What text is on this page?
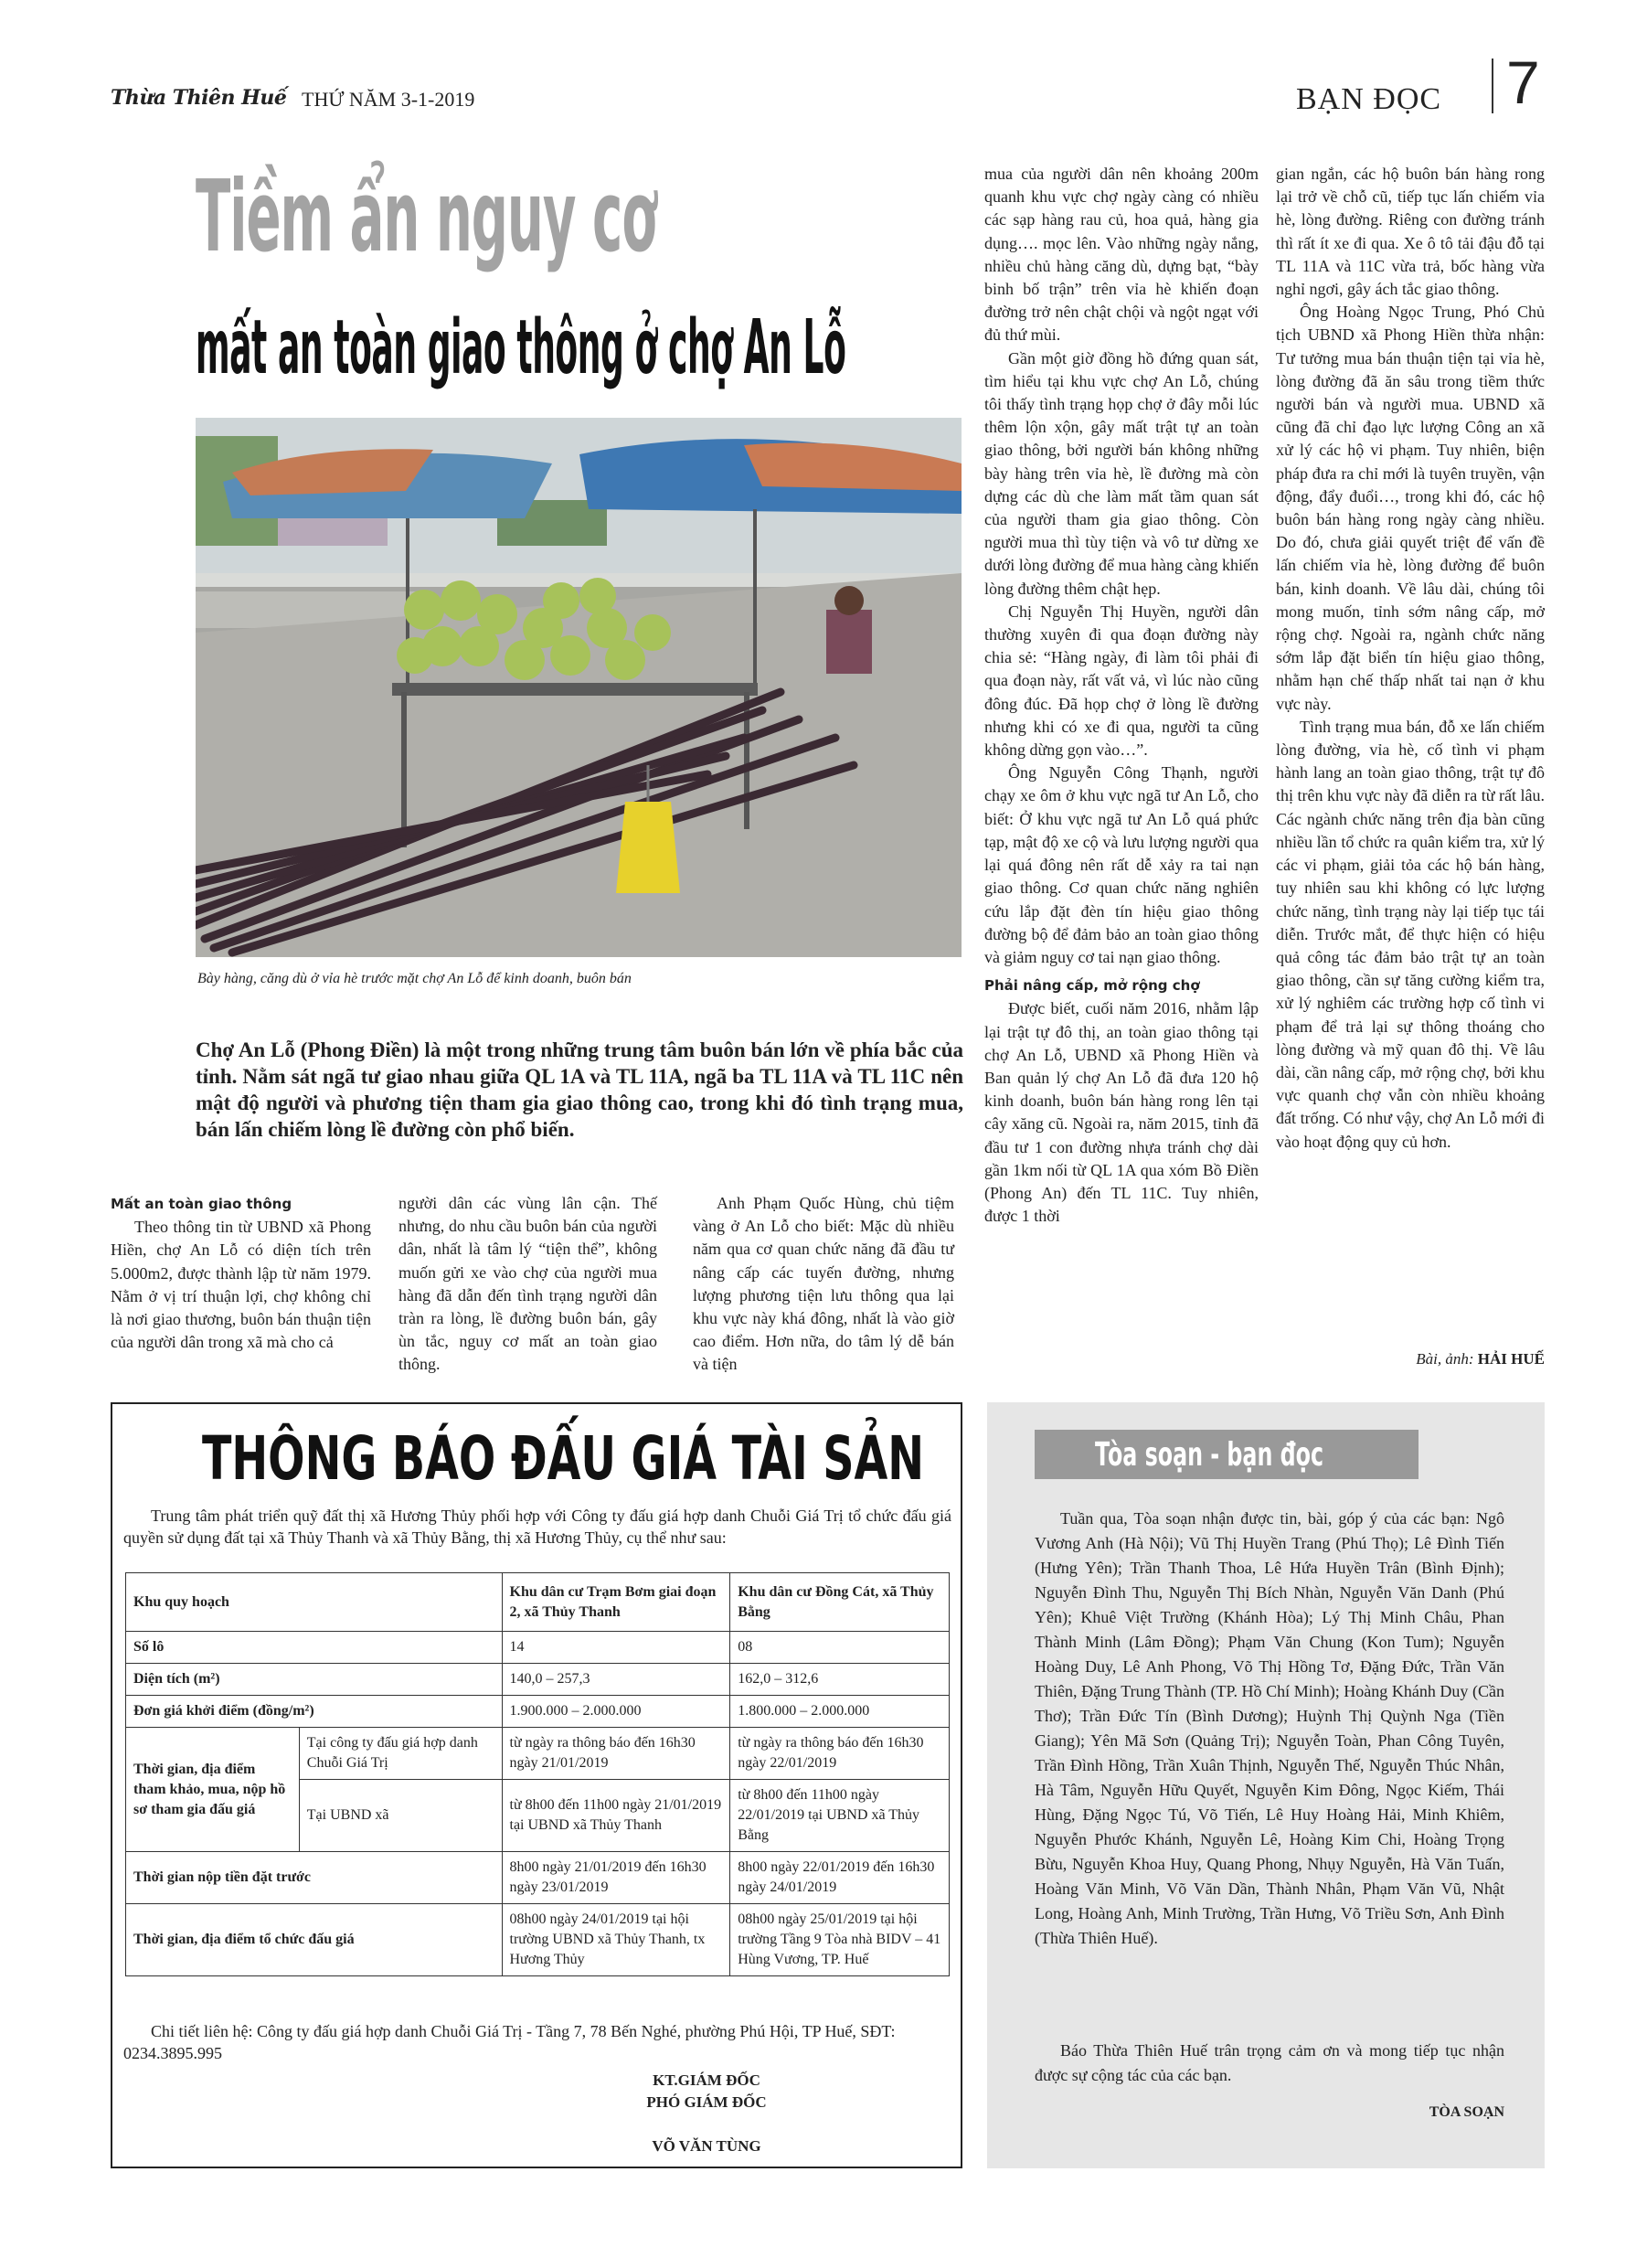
Thừa Thiên Huế THỨ NĂM 3-1-2019	BẠN ĐỌC 7
Tiềm ẩn nguy cơ
mất an toàn giao thông ở chợ An Lỗ
Bày hàng, căng dù ở vỉa hè trước mặt chợ An Lỗ để kinh doanh, buôn bán
Chợ An Lỗ (Phong Điền) là một trong những trung tâm buôn bán lớn về phía bắc của tỉnh. Nằm sát ngã tư giao nhau giữa QL 1A và TL 11A, ngã ba TL 11A và TL 11C nên mật độ người và phương tiện tham gia giao thông cao, trong khi đó tình trạng mua, bán lấn chiếm lòng lề đường còn phổ biến.
Mất an toàn giao thông

Theo thông tin từ UBND xã Phong Hiền, chợ An Lỗ có diện tích trên 5.000m2, được thành lập từ năm 1979. Nằm ở vị trí thuận lợi, chợ không chỉ là nơi giao thương, buôn bán thuận tiện của người dân trong xã mà cho cả

người dân các vùng lân cận. Thế nhưng, do nhu cầu buôn bán của người dân, nhất là tâm lý “tiện thể”, không muốn gửi xe vào chợ của người mua hàng đã dẫn đến tình trạng người dân tràn ra lòng, lề đường buôn bán, gây ùn tắc, nguy cơ mất an toàn giao thông.

Anh Phạm Quốc Hùng, chủ tiệm vàng ở An Lỗ cho biết: Mặc dù nhiều năm qua cơ quan chức năng đã đầu tư nâng cấp các tuyến đường, nhưng lượng phương tiện lưu thông qua lại khu vực này khá đông, nhất là vào giờ cao điểm. Hơn nữa, do tâm lý dễ bán và tiện

mua của người dân nên khoảng 200m quanh khu vực chợ ngày càng có nhiều các sạp hàng rau củ, hoa quả, hàng gia dụng…. mọc lên. Vào những ngày nắng, nhiều chủ hàng căng dù, dựng bạt, “bày binh bố trận” trên vỉa hè khiến đoạn đường trở nên chật chội và ngột ngạt với đủ thứ mùi.

Gần một giờ đồng hồ đứng quan sát, tìm hiểu tại khu vực chợ An Lỗ, chúng tôi thấy tình trạng họp chợ ở đây mỗi lúc thêm lộn xộn, gây mất trật tự an toàn giao thông, bởi người bán không những bày hàng trên vỉa hè, lề đường mà còn dựng các dù che làm mất tầm quan sát của người tham gia giao thông. Còn người mua thì tùy tiện và vô tư dừng xe dưới lòng đường để mua hàng càng khiến lòng đường thêm chật hẹp.

Chị Nguyễn Thị Huyền, người dân thường xuyên đi qua đoạn đường này chia sẻ: “Hàng ngày, đi làm tôi phải đi qua đoạn này, rất vất vả, vì lúc nào cũng đông đúc. Đã họp chợ ở lòng lề đường nhưng khi có xe đi qua, người ta cũng không dừng gọn vào…”.

Ông Nguyễn Công Thạnh, người chạy xe ôm ở khu vực ngã tư An Lỗ, cho biết: Ở khu vực ngã tư An Lỗ quá phức tạp, mật độ xe cộ và lưu lượng người qua lại quá đông nên rất dễ xảy ra tai nạn giao thông. Cơ quan chức năng nghiên cứu lắp đặt đèn tín hiệu giao thông đường bộ để đảm bảo an toàn giao thông và giảm nguy cơ tai nạn giao thông.

Phải nâng cấp, mở rộng chợ

Được biết, cuối năm 2016, nhằm lập lại trật tự đô thị, an toàn giao thông tại chợ An Lỗ, UBND xã Phong Hiền và Ban quản lý chợ An Lỗ đã đưa 120 hộ kinh doanh, buôn bán hàng rong lên tại cây xăng cũ. Ngoài ra, năm 2015, tỉnh đã đầu tư 1 con đường nhựa tránh chợ dài gần 1km nối từ QL 1A qua xóm Bồ Điền (Phong An) đến TL 11C. Tuy nhiên, được 1 thời

gian ngắn, các hộ buôn bán hàng rong lại trở về chỗ cũ, tiếp tục lấn chiếm vỉa hè, lòng đường. Riêng con đường tránh thì rất ít xe đi qua. Xe ô tô tải đậu đỗ tại TL 11A và 11C vừa trả, bốc hàng vừa nghỉ ngơi, gây ách tắc giao thông.

Ông Hoàng Ngọc Trung, Phó Chủ tịch UBND xã Phong Hiền thừa nhận: Tư tưởng mua bán thuận tiện tại vỉa hè, lòng đường đã ăn sâu trong tiềm thức người bán và người mua. UBND xã cũng đã chỉ đạo lực lượng Công an xã xử lý các hộ vi phạm. Tuy nhiên, biện pháp đưa ra chỉ mới là tuyên truyền, vận động, đẩy đuổi…, trong khi đó, các hộ buôn bán hàng rong ngày càng nhiều. Do đó, chưa giải quyết triệt để vấn đề lấn chiếm vỉa hè, lòng đường để buôn bán, kinh doanh. Về lâu dài, chúng tôi mong muốn, tỉnh sớm nâng cấp, mở rộng chợ. Ngoài ra, ngành chức năng sớm lắp đặt biển tín hiệu giao thông, nhằm hạn chế thấp nhất tai nạn ở khu vực này.

Tình trạng mua bán, đỗ xe lấn chiếm lòng đường, vỉa hè, cố tình vi phạm hành lang an toàn giao thông, trật tự đô thị trên khu vực này đã diễn ra từ rất lâu. Các ngành chức năng trên địa bàn cũng nhiều lần tổ chức ra quân kiểm tra, xử lý các vi phạm, giải tỏa các hộ bán hàng, tuy nhiên sau khi không có lực lượng chức năng, tình trạng này lại tiếp tục tái diễn. Trước mắt, để thực hiện có hiệu quả công tác đảm bảo trật tự an toàn giao thông, cần sự tăng cường kiểm tra, xử lý nghiêm các trường hợp cố tình vi phạm để trả lại sự thông thoáng cho lòng đường và mỹ quan đô thị. Về lâu dài, cần nâng cấp, mở rộng chợ, bởi khu vực quanh chợ vẫn còn nhiều khoảng đất trống. Có như vậy, chợ An Lỗ mới đi vào hoạt động quy củ hơn.

Bài, ảnh: HẢI HUẾ
THÔNG BÁO ĐẤU GIÁ TÀI SẢN
Trung tâm phát triển quỹ đất thị xã Hương Thủy phối hợp với Công ty đấu giá hợp danh Chuỗi Giá Trị tổ chức đấu giá quyền sử dụng đất tại xã Thủy Thanh và xã Thủy Bằng, thị xã Hương Thủy, cụ thể như sau:
Khu quy hoạch		Khu dân cư Trạm Bơm giai đoạn 2, xã Thủy Thanh	Khu dân cư Đồng Cát, xã Thủy Bằng
Số lô		14	08
Diện tích (m²)		140,0 – 257,3	162,0 – 312,6
Đơn giá khởi điểm (đồng/m²)		1.900.000 – 2.000.000	1.800.000 – 2.000.000
Thời gian, địa điểm tham khảo, mua, nộp hồ sơ tham gia đấu giá	Tại công ty đấu giá hợp danh Chuỗi Giá Trị	từ ngày ra thông báo đến 16h30 ngày 21/01/2019	từ ngày ra thông báo đến 16h30 ngày 22/01/2019
	Tại UBND xã	từ 8h00 đến 11h00 ngày 21/01/2019 tại UBND xã Thủy Thanh	từ 8h00 đến 11h00 ngày 22/01/2019 tại UBND xã Thủy Bằng
Thời gian nộp tiền đặt trước		8h00 ngày 21/01/2019 đến 16h30 ngày 23/01/2019	8h00 ngày 22/01/2019 đến 16h30 ngày 24/01/2019
Thời gian, địa điểm tổ chức đấu giá		08h00 ngày 24/01/2019 tại hội trường UBND xã Thủy Thanh, tx Hương Thủy	08h00 ngày 25/01/2019 tại hội trường Tầng 9 Tòa nhà BIDV – 41 Hùng Vương, TP. Huế
Chi tiết liên hệ: Công ty đấu giá hợp danh Chuỗi Giá Trị - Tầng 7, 78 Bến Nghé, phường Phú Hội, TP Huế, SĐT: 0234.3895.995
KT.GIÁM ĐỐC
PHÓ GIÁM ĐỐC
VÕ VĂN TÙNG
Tòa soạn - bạn đọc
Tuần qua, Tòa soạn nhận được tin, bài, góp ý của các bạn: Ngô Vương Anh (Hà Nội); Vũ Thị Huyền Trang (Phú Thọ); Lê Đình Tiến (Hưng Yên); Trần Thanh Thoa, Lê Hứa Huyền Trân (Bình Định); Nguyễn Đình Thu, Nguyễn Thị Bích Nhàn, Nguyễn Văn Danh (Phú Yên); Khuê Việt Trường (Khánh Hòa); Lý Thị Minh Châu, Phan Thành Minh (Lâm Đồng); Phạm Văn Chung (Kon Tum); Nguyễn Hoàng Duy, Lê Anh Phong, Võ Thị Hồng Tơ, Đặng Đức, Trần Văn Thiên, Đặng Trung Thành (TP. Hồ Chí Minh); Hoàng Khánh Duy (Cần Thơ); Trần Đức Tín (Bình Dương); Huỳnh Thị Quỳnh Nga (Tiền Giang); Yên Mã Sơn (Quảng Trị); Nguyễn Toàn, Phan Công Tuyên, Trần Đình Hồng, Trần Xuân Thịnh, Nguyễn Thế, Nguyễn Thúc Nhân, Hà Tâm, Nguyễn Hữu Quyết, Nguyễn Kim Đông, Ngọc Kiếm, Thái Hùng, Đặng Ngọc Tú, Võ Tiến, Lê Huy Hoàng Hải, Minh Khiêm, Nguyễn Phước Khánh, Nguyễn Lê, Hoàng Kim Chi, Hoàng Trọng Bừu, Nguyễn Khoa Huy, Quang Phong, Nhụy Nguyễn, Hà Văn Tuấn, Hoàng Văn Minh, Võ Văn Dần, Thành Nhân, Phạm Văn Vũ, Nhật Long, Hoàng Anh, Minh Trường, Trần Hưng, Võ Triều Sơn, Anh Đình (Thừa Thiên Huế).
Báo Thừa Thiên Huế trân trọng cảm ơn và mong tiếp tục nhận được sự cộng tác của các bạn.
TÒA SOẠN
